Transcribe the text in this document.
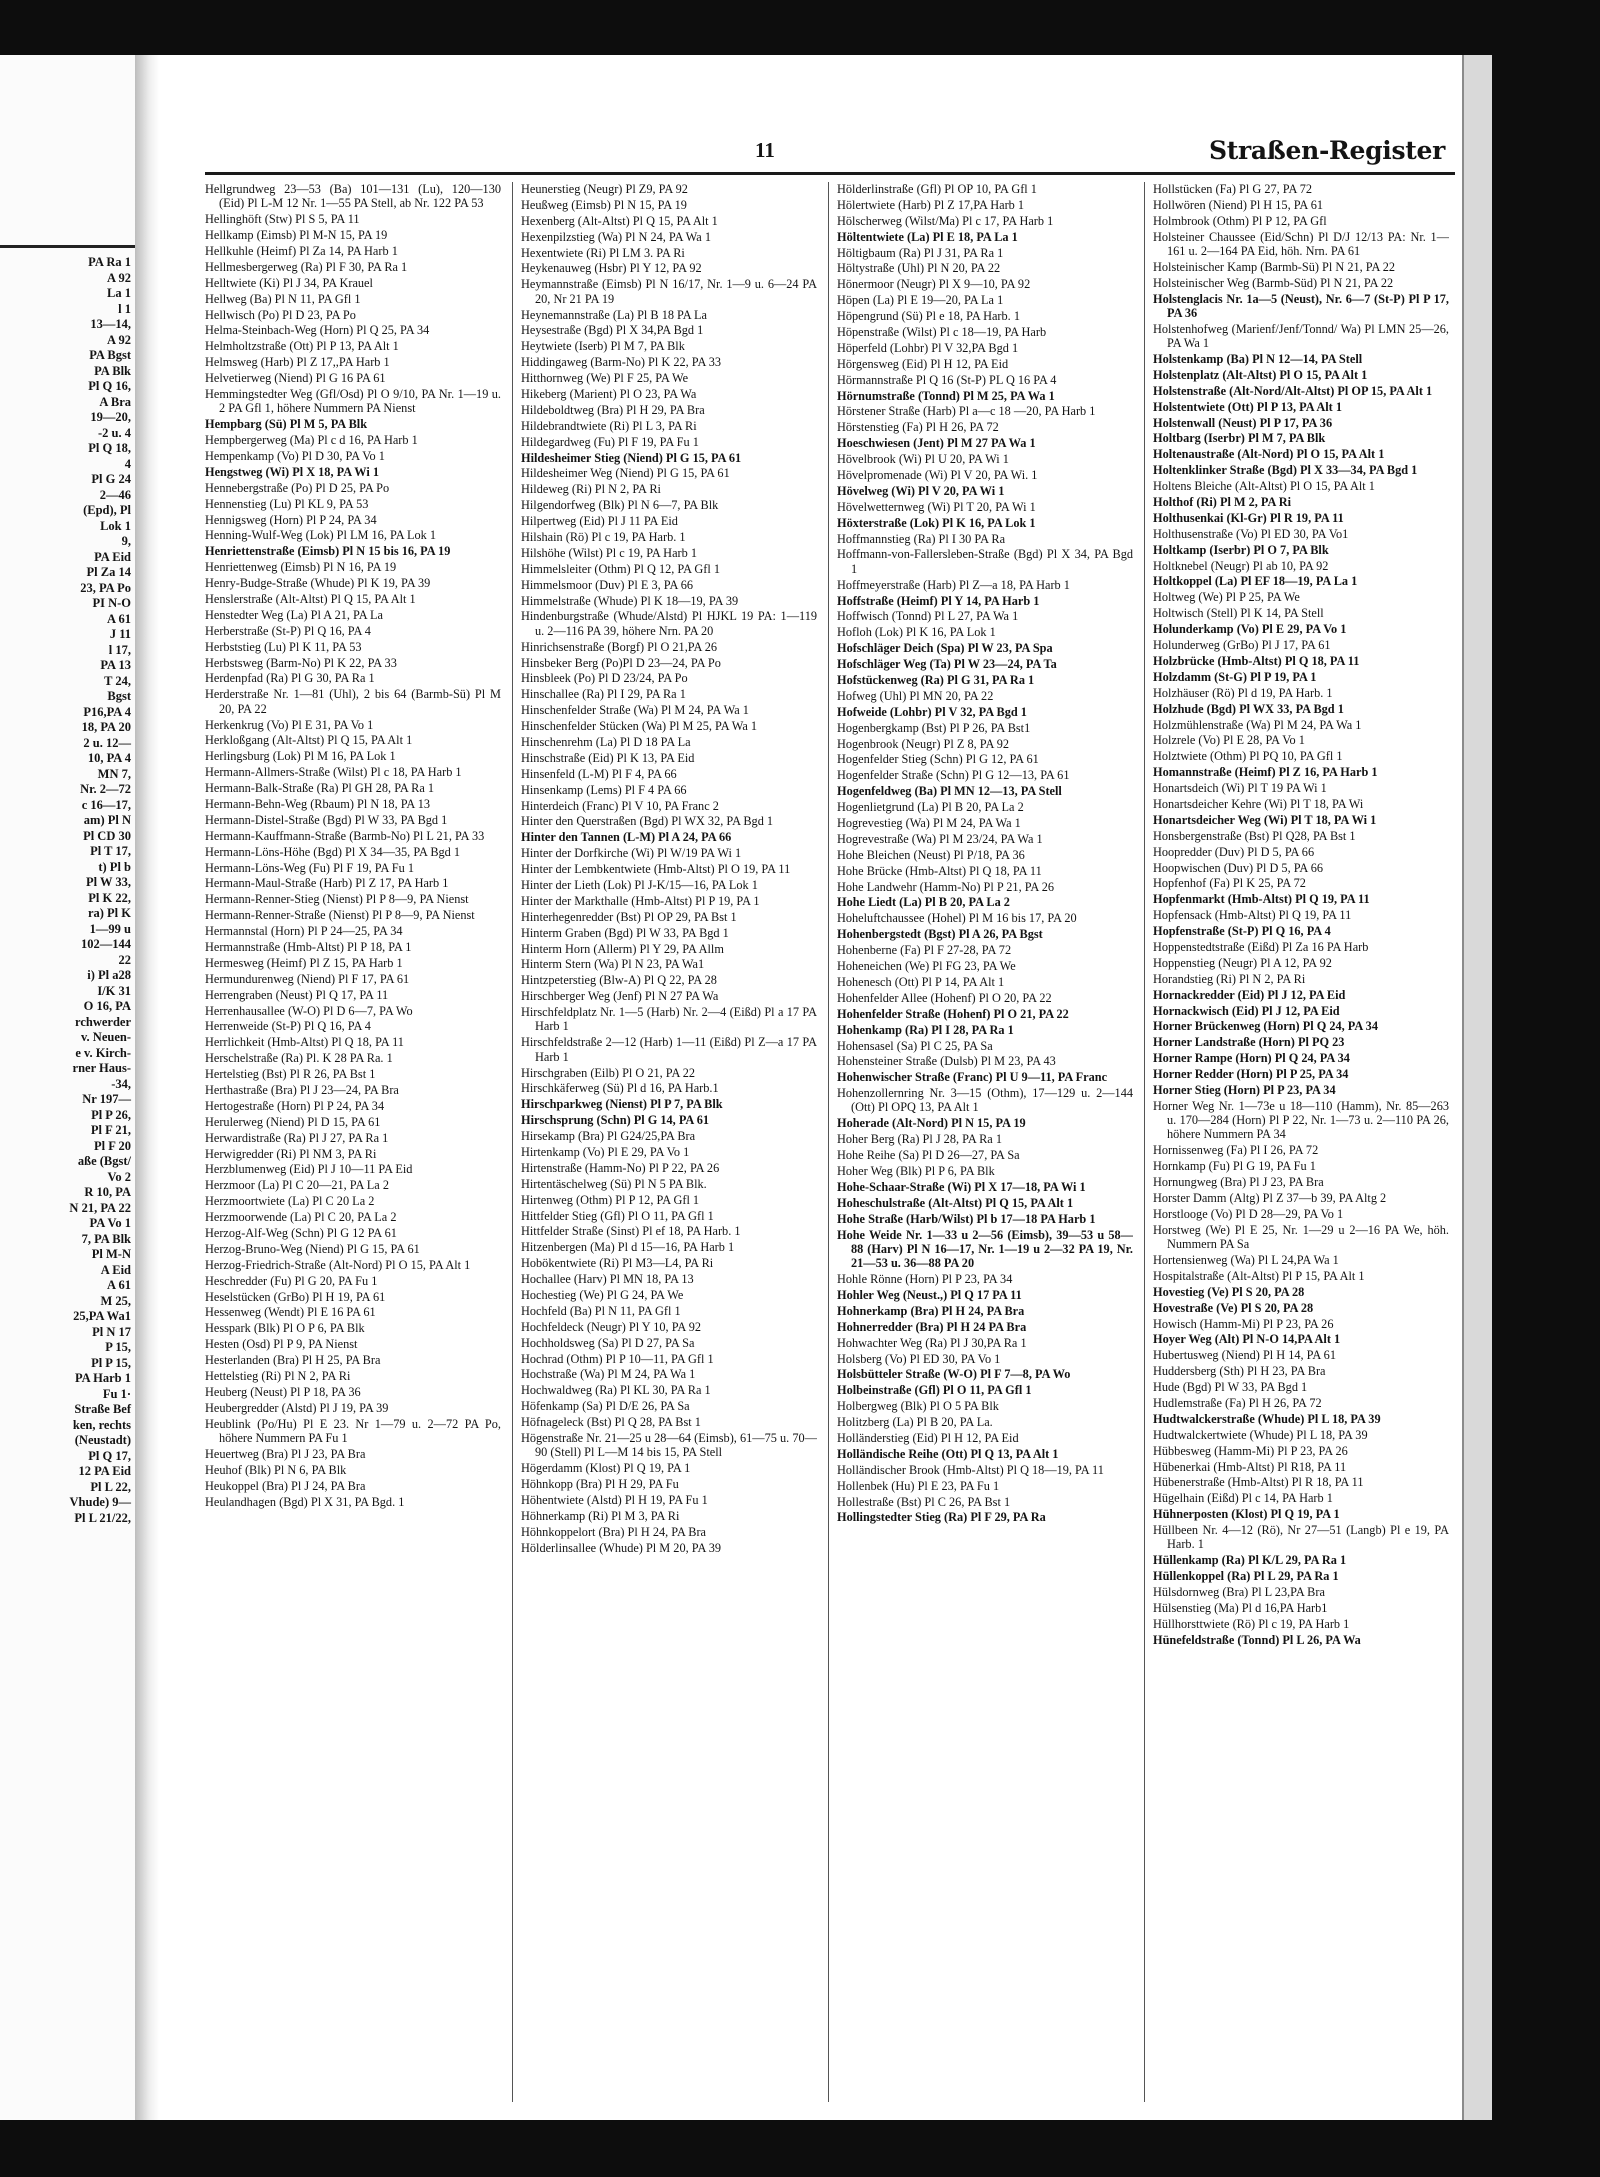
PA Ra 1
A 92
La 1
l 1
13—14,
A 92
PA Bgst
PA Blk
Pl Q 16,
A Bra
19—20,
-2 u. 4
Pl Q 18,
4
Pl G 24
2—46
(Epd), Pl
Lok 1
9,
PA Eid
Pl Za 14
23, PA Po
PI N-O
A 61
J 11
l 17,
PA 13
T 24,
Bgst
P16,PA 4
18, PA 20
2 u. 12—
10, PA 4
MN 7,
Nr. 2—72
c 16—17,
am) Pl N
Pl CD 30
Pl T 17,
t) Pl b
Pl W 33,
Pl K 22,
ra) Pl K
1—99 u
102—144
22
i) Pl a28
I/K 31
O 16, PA
rchwerder
v. Neuen-
e v. Kirch-
rner Haus-
-34,
Nr 197—
Pl P 26,
Pl F 21,
Pl F 20
aße (Bgst/
Vo 2
R 10, PA
N 21, PA 22
PA Vo 1
7, PA Blk
Pl M-N
A Eid
A 61
M 25,
25,PA Wa1
Pl N 17
P 15,
Pl P 15,
PA Harb 1
Fu 1·
Straße Bef
ken, rechts
(Neustadt)
Pl Q 17,
12 PA Eid
Pl L 22,
Vhude) 9—
Pl L 21/22,
11	Straßen-Register
Hellgrundweg 23—53 (Ba) 101—131 (Lu), 120—130 (Eid) Pl L-M 12 Nr. 1—55 PA Stell, ab Nr. 122 PA 53
Hellinghöft (Stw) Pl S 5, PA 11
Hellkamp (Eimsb) Pl M-N 15, PA 19
Hellkuhle (Heimf) Pl Za 14, PA Harb 1
Hellmesbergerweg (Ra) Pl F 30, PA Ra 1
Helltwiete (Ki) Pl J 34, PA Krauel
Hellweg (Ba) Pl N 11, PA Gfl 1
Hellwisch (Po) Pl D 23, PA Po
Helma-Steinbach-Weg (Horn) Pl Q 25, PA 34
Helmholtzstraße (Ott) Pl P 13, PA Alt 1
Helmsweg (Harb) Pl Z 17,,PA Harb 1
Helvetierweg (Niend) Pl G 16 PA 61
Hemmingstedter Weg (Gfl/Osd) Pl O 9/10, PA Nr. 1—19 u. 2 PA Gfl 1, höhere Nummern PA Nienst
Hempbarg (Sü) Pl M 5, PA Blk
Hempbergerweg (Ma) Pl c d 16, PA Harb 1
Hempenkamp (Vo) Pl D 30, PA Vo 1
Hengstweg (Wi) Pl X 18, PA Wi 1
Hennebergstraße (Po) Pl D 25, PA Po
Hennenstieg (Lu) Pl KL 9, PA 53
Hennigsweg (Horn) Pl P 24, PA 34
Henning-Wulf-Weg (Lok) Pl LM 16, PA Lok 1
Henriettenstraße (Eimsb) Pl N 15 bis 16, PA 19
Henriettenweg (Eimsb) Pl N 16, PA 19
Henry-Budge-Straße (Whude) Pl K 19, PA 39
Henslerstraße (Alt-Altst) Pl Q 15, PA Alt 1
Henstedter Weg (La) Pl A 21, PA La
Herberstraße (St-P) Pl Q 16, PA 4
Herbststieg (Lu) Pl K 11, PA 53
Herbstsweg (Barm-No) Pl K 22, PA 33
Herdenpfad (Ra) Pl G 30, PA Ra 1
Herderstraße Nr. 1—81 (Uhl), 2 bis 64 (Barmb-Sü) Pl M 20, PA 22
Herkenkrug (Vo) Pl E 31, PA Vo 1
Herkloßgang (Alt-Altst) Pl Q 15, PA Alt 1
Herlingsburg (Lok) Pl M 16, PA Lok 1
Hermann-Allmers-Straße (Wilst) Pl c 18, PA Harb 1
Hermann-Balk-Straße (Ra) Pl GH 28, PA Ra 1
Hermann-Behn-Weg (Rbaum) Pl N 18, PA 13
Hermann-Distel-Straße (Bgd) Pl W 33, PA Bgd 1
Hermann-Kauffmann-Straße (Barmb-No) Pl L 21, PA 33
Hermann-Löns-Höhe (Bgd) Pl X 34—35, PA Bgd 1
Hermann-Löns-Weg (Fu) Pl F 19, PA Fu 1
Hermann-Maul-Straße (Harb) Pl Z 17, PA Harb 1
Hermann-Renner-Stieg (Nienst) Pl P 8—9, PA Nienst
Hermann-Renner-Straße (Nienst) Pl P 8—9, PA Nienst
Hermannstal (Horn) Pl P 24—25, PA 34
Hermannstraße (Hmb-Altst) Pl P 18, PA 1
Hermesweg (Heimf) Pl Z 15, PA Harb 1
Hermundurenweg (Niend) Pl F 17, PA 61
Herrengraben (Neust) Pl Q 17, PA 11
Herrenhausallee (W-O) Pl D 6—7, PA Wo
Herrenweide (St-P) Pl Q 16, PA 4
Herrlichkeit (Hmb-Altst) Pl Q 18, PA 11
Herschelstraße (Ra) Pl. K 28 PA Ra. 1
Hertelstieg (Bst) Pl R 26, PA Bst 1
Herthastraße (Bra) Pl J 23—24, PA Bra
Hertogestraße (Horn) Pl P 24, PA 34
Herulerweg (Niend) Pl D 15, PA 61
Herwardistraße (Ra) Pl J 27, PA Ra 1
Herwigredder (Ri) Pl NM 3, PA Ri
Herzblumenweg (Eid) Pl J 10—11 PA Eid
Herzmoor (La) Pl C 20—21, PA La 2
Herzmoortwiete (La) Pl C 20 La 2
Herzmoorwende (La) Pl C 20, PA La 2
Herzog-Alf-Weg (Schn) Pl G 12 PA 61
Herzog-Bruno-Weg (Niend) Pl G 15, PA 61
Herzog-Friedrich-Straße (Alt-Nord) Pl O 15, PA Alt 1
Heschredder (Fu) Pl G 20, PA Fu 1
Heselstücken (GrBo) Pl H 19, PA 61
Hessenweg (Wendt) Pl E 16 PA 61
Hesspark (Blk) Pl O P 6, PA Blk
Hesten (Osd) Pl P 9, PA Nienst
Hesterlanden (Bra) Pl H 25, PA Bra
Hettelstieg (Ri) Pl N 2, PA Ri
Heuberg (Neust) Pl P 18, PA 36
Heubergredder (Alstd) Pl J 19, PA 39
Heublink (Po/Hu) Pl E 23. Nr 1—79 u. 2—72 PA Po, höhere Nummern PA Fu 1
Heuertweg (Bra) Pl J 23, PA Bra
Heuhof (Blk) Pl N 6, PA Blk
Heukoppel (Bra) Pl J 24, PA Bra
Heulandhagen (Bgd) Pl X 31, PA Bgd. 1
Heunerstieg (Neugr) Pl Z9, PA 92
Heußweg (Eimsb) Pl N 15, PA 19
Hexenberg (Alt-Altst) Pl Q 15, PA Alt 1
Hexenpilzstieg (Wa) Pl N 24, PA Wa 1
Hexentwiete (Ri) Pl LM 3. PA Ri
Heykenauweg (Hsbr) Pl Y 12, PA 92
Heymannstraße (Eimsb) Pl N 16/17, Nr. 1—9 u. 6—24 PA 20, Nr 21 PA 19
Heynemannstraße (La) Pl B 18 PA La
Heysestraße (Bgd) Pl X 34,PA Bgd 1
Heytwiete (Iserb) Pl M 7, PA Blk
Hiddingaweg (Barm-No) Pl K 22, PA 33
Hitthornweg (We) Pl F 25, PA We
Hikeberg (Marient) Pl O 23, PA Wa
Hildeboldtweg (Bra) Pl H 29, PA Bra
Hildebrandtwiete (Ri) Pl L 3, PA Ri
Hildegardweg (Fu) Pl F 19, PA Fu 1
Hildesheimer Stieg (Niend) Pl G 15, PA 61
Hildesheimer Weg (Niend) Pl G 15, PA 61
Hildeweg (Ri) Pl N 2, PA Ri
Hilgendorfweg (Blk) Pl N 6—7, PA Blk
Hilpertweg (Eid) Pl J 11 PA Eid
Hilshain (Rö) Pl c 19, PA Harb. 1
Hilshöhe (Wilst) Pl c 19, PA Harb 1
Himmelsleiter (Othm) Pl Q 12, PA Gfl 1
Himmelsmoor (Duv) Pl E 3, PA 66
Himmelstraße (Whude) Pl K 18—19, PA 39
Hindenburgstraße (Whude/Alstd) Pl HJKL 19 PA: 1—119 u. 2—116 PA 39, höhere Nrn. PA 20
Hinrichsenstraße (Borgf) Pl O 21,PA 26
Hinsbeker Berg (Po)Pl D 23—24, PA Po
Hinsbleek (Po) Pl D 23/24, PA Po
Hinschallee (Ra) Pl I 29, PA Ra 1
Hinschenfelder Straße (Wa) Pl M 24, PA Wa 1
Hinschenfelder Stücken (Wa) Pl M 25, PA Wa 1
Hinschenrehm (La) Pl D 18 PA La
Hinschstraße (Eid) Pl K 13, PA Eid
Hinsenfeld (L-M) Pl F 4, PA 66
Hinsenkamp (Lems) Pl F 4 PA 66
Hinterdeich (Franc) Pl V 10, PA Franc 2
Hinter den Querstraßen (Bgd) Pl WX 32, PA Bgd 1
Hinter den Tannen (L-M) Pl A 24, PA 66
Hinter der Dorfkirche (Wi) Pl W/19 PA Wi 1
Hinter der Lembkentwiete (Hmb-Altst) Pl O 19, PA 11
Hinter der Lieth (Lok) Pl J-K/15—16, PA Lok 1
Hinter der Markthalle (Hmb-Altst) Pl P 19, PA 1
Hinterhegenredder (Bst) Pl OP 29, PA Bst 1
Hinterm Graben (Bgd) Pl W 33, PA Bgd 1
Hinterm Horn (Allerm) Pl Y 29, PA Allm
Hinterm Stern (Wa) Pl N 23, PA Wa1
Hintzpeterstieg (Blw-A) Pl Q 22, PA 28
Hirschberger Weg (Jenf) Pl N 27 PA Wa
Hirschfeldplatz Nr. 1—5 (Harb) Nr. 2—4 (Eißd) Pl a 17 PA Harb 1
Hirschfeldstraße 2—12 (Harb) 1—11 (Eißd) Pl Z—a 17 PA Harb 1
Hirschgraben (Eilb) Pl O 21, PA 22
Hirschkäferweg (Sü) Pl d 16, PA Harb.1
Hirschparkweg (Nienst) Pl P 7, PA Blk
Hirschsprung (Schn) Pl G 14, PA 61
Hirsekamp (Bra) Pl G24/25,PA Bra
Hirtenkamp (Vo) Pl E 29, PA Vo 1
Hirtenstraße (Hamm-No) Pl P 22, PA 26
Hirtentäschelweg (Sü) Pl N 5 PA Blk.
Hirtenweg (Othm) Pl P 12, PA Gfl 1
Hittfelder Stieg (Gfl) Pl O 11, PA Gfl 1
Hittfelder Straße (Sinst) Pl ef 18, PA Harb. 1
Hitzenbergen (Ma) Pl d 15—16, PA Harb 1
Hobökentwiete (Ri) Pl M3—L4, PA Ri
Hochallee (Harv) Pl MN 18, PA 13
Hochestieg (We) Pl G 24, PA We
Hochfeld (Ba) Pl N 11, PA Gfl 1
Hochfeldeck (Neugr) Pl Y 10, PA 92
Hochholdsweg (Sa) Pl D 27, PA Sa
Hochrad (Othm) Pl P 10—11, PA Gfl 1
Hochstraße (Wa) Pl M 24, PA Wa 1
Hochwaldweg (Ra) Pl KL 30, PA Ra 1
Höfenkamp (Sa) Pl D/E 26, PA Sa
Höfnageleck (Bst) Pl Q 28, PA Bst 1
Högenstraße Nr. 21—25 u 28—64 (Eimsb), 61—75 u. 70—90 (Stell) Pl L—M 14 bis 15, PA Stell
Högerdamm (Klost) Pl Q 19, PA 1
Höhnkopp (Bra) Pl H 29, PA Fu
Höhentwiete (Alstd) Pl H 19, PA Fu 1
Höhnerkamp (Ri) Pl M 3, PA Ri
Höhnkoppelort (Bra) Pl H 24, PA Bra
Hölderlinsallee (Whude) Pl M 20, PA 39
Hölderlinstraße (Gfl) Pl OP 10, PA Gfl 1
Hölertwiete (Harb) Pl Z 17,PA Harb 1
Hölscherweg (Wilst/Ma) Pl c 17, PA Harb 1
Höltentwiete (La) Pl E 18, PA La 1
Höltigbaum (Ra) Pl J 31, PA Ra 1
Höltystraße (Uhl) Pl N 20, PA 22
Hönermoor (Neugr) Pl X 9—10, PA 92
Höpen (La) Pl E 19—20, PA La 1
Höpengrund (Sü) Pl e 18, PA Harb. 1
Höpenstraße (Wilst) Pl c 18—19, PA Harb
Höperfeld (Lohbr) Pl V 32,PA Bgd 1
Hörgensweg (Eid) Pl H 12, PA Eid
Hörmannstraße Pl Q 16 (St-P) PL Q 16 PA 4
Hörnumstraße (Tonnd) Pl M 25, PA Wa 1
Hörstener Straße (Harb) Pl a—c 18 —20, PA Harb 1
Hörstenstieg (Fa) Pl H 26, PA 72
Hoeschwiesen (Jent) Pl M 27 PA Wa 1
Hövelbrook (Wi) Pl U 20, PA Wi 1
Hövelpromenade (Wi) Pl V 20, PA Wi. 1
Hövelweg (Wi) Pl V 20, PA Wi 1
Hövelwetternweg (Wi) Pl T 20, PA Wi 1
Höxterstraße (Lok) Pl K 16, PA Lok 1
Hoffmannstieg (Ra) Pl I 30 PA Ra
Hoffmann-von-Fallersleben-Straße (Bgd) Pl X 34, PA Bgd 1
Hoffmeyerstraße (Harb) Pl Z—a 18, PA Harb 1
Hoffstraße (Heimf) Pl Y 14, PA Harb 1
Hoffwisch (Tonnd) Pl L 27, PA Wa 1
Hofloh (Lok) Pl K 16, PA Lok 1
Hofschläger Deich (Spa) Pl W 23, PA Spa
Hofschläger Weg (Ta) Pl W 23—24, PA Ta
Hofstückenweg (Ra) Pl G 31, PA Ra 1
Hofweg (Uhl) Pl MN 20, PA 22
Hofweide (Lohbr) Pl V 32, PA Bgd 1
Hogenbergkamp (Bst) Pl P 26, PA Bst1
Hogenbrook (Neugr) Pl Z 8, PA 92
Hogenfelder Stieg (Schn) Pl G 12, PA 61
Hogenfelder Straße (Schn) Pl G 12—13, PA 61
Hogenfeldweg (Ba) Pl MN 12—13, PA Stell
Hogenlietgrund (La) Pl B 20, PA La 2
Hogrevestieg (Wa) Pl M 24, PA Wa 1
Hogrevestraße (Wa) Pl M 23/24, PA Wa 1
Hohe Bleichen (Neust) Pl P/18, PA 36
Hohe Brücke (Hmb-Altst) Pl Q 18, PA 11
Hohe Landwehr (Hamm-No) Pl P 21, PA 26
Hohe Liedt (La) Pl B 20, PA La 2
Hoheluftchaussee (Hohel) Pl M 16 bis 17, PA 20
Hohenbergstedt (Bgst) Pl A 26, PA Bgst
Hohenberne (Fa) Pl F 27-28, PA 72
Hoheneichen (We) Pl FG 23, PA We
Hohenesch (Ott) Pl P 14, PA Alt 1
Hohenfelder Allee (Hohenf) Pl O 20, PA 22
Hohenfelder Straße (Hohenf) Pl O 21, PA 22
Hohenkamp (Ra) Pl I 28, PA Ra 1
Hohensasel (Sa) Pl C 25, PA Sa
Hohensteiner Straße (Dulsb) Pl M 23, PA 43
Hohenwischer Straße (Franc) Pl U 9—11, PA Franc
Hohenzollernring Nr. 3—15 (Othm), 17—129 u. 2—144 (Ott) Pl OPQ 13, PA Alt 1
Hoherade (Alt-Nord) Pl N 15, PA 19
Hoher Berg (Ra) Pl J 28, PA Ra 1
Hohe Reihe (Sa) Pl D 26—27, PA Sa
Hoher Weg (Blk) Pl P 6, PA Blk
Hohe-Schaar-Straße (Wi) Pl X 17—18, PA Wi 1
Hoheschulstraße (Alt-Altst) Pl Q 15, PA Alt 1
Hohe Straße (Harb/Wilst) Pl b 17—18 PA Harb 1
Hohe Weide Nr. 1—33 u 2—56 (Eimsb), 39—53 u 58—88 (Harv) Pl N 16—17, Nr. 1—19 u 2—32 PA 19, Nr. 21—53 u. 36—88 PA 20
Hohle Rönne (Horn) Pl P 23, PA 34
Hohler Weg (Neust.,) Pl Q 17 PA 11
Hohnerkamp (Bra) Pl H 24, PA Bra
Hohnerredder (Bra) Pl H 24 PA Bra
Hohwachter Weg (Ra) Pl J 30,PA Ra 1
Holsberg (Vo) Pl ED 30, PA Vo 1
Holsbütteler Straße (W-O) Pl F 7—8, PA Wo
Holbeinstraße (Gfl) Pl O 11, PA Gfl 1
Holbergweg (Blk) Pl O 5 PA Blk
Holitzberg (La) Pl B 20, PA La.
Holländerstieg (Eid) Pl H 12, PA Eid
Holländische Reihe (Ott) Pl Q 13, PA Alt 1
Holländischer Brook (Hmb-Altst) Pl Q 18—19, PA 11
Hollenbek (Hu) Pl E 23, PA Fu 1
Hollestraße (Bst) Pl C 26, PA Bst 1
Hollingstedter Stieg (Ra) Pl F 29, PA Ra
Hollstücken (Fa) Pl G 27, PA 72
Hollwören (Niend) Pl H 15, PA 61
Holmbrook (Othm) Pl P 12, PA Gfl
Holsteiner Chaussee (Eid/Schn) Pl D/J 12/13 PA: Nr. 1—161 u. 2—164 PA Eid, höh. Nrn. PA 61
Holsteinischer Kamp (Barmb-Sü) Pl N 21, PA 22
Holsteinischer Weg (Barmb-Süd) Pl N 21, PA 22
Holstenglacis Nr. 1a—5 (Neust), Nr. 6—7 (St-P) Pl P 17, PA 36
Holstenhofweg (Marienf/Jenf/Tonnd/ Wa) Pl LMN 25—26, PA Wa 1
Holstenkamp (Ba) Pl N 12—14, PA Stell
Holstenplatz (Alt-Altst) Pl O 15, PA Alt 1
Holstenstraße (Alt-Nord/Alt-Altst) Pl OP 15, PA Alt 1
Holstentwiete (Ott) Pl P 13, PA Alt 1
Holstenwall (Neust) Pl P 17, PA 36
Holtbarg (Iserbr) Pl M 7, PA Blk
Holtenaustraße (Alt-Nord) Pl O 15, PA Alt 1
Holtenklinker Straße (Bgd) Pl X 33—34, PA Bgd 1
Holtens Bleiche (Alt-Altst) Pl O 15, PA Alt 1
Holthof (Ri) Pl M 2, PA Ri
Holthusenkai (Kl-Gr) Pl R 19, PA 11
Holthusenstraße (Vo) Pl ED 30, PA Vo1
Holtkamp (Iserbr) Pl O 7, PA Blk
Holtknebel (Neugr) Pl ab 10, PA 92
Holtkoppel (La) Pl EF 18—19, PA La 1
Holtweg (We) Pl P 25, PA We
Holtwisch (Stell) Pl K 14, PA Stell
Holunderkamp (Vo) Pl E 29, PA Vo 1
Holunderweg (GrBo) Pl J 17, PA 61
Holzbrücke (Hmb-Altst) Pl Q 18, PA 11
Holzdamm (St-G) Pl P 19, PA 1
Holzhäuser (Rö) Pl d 19, PA Harb. 1
Holzhude (Bgd) Pl WX 33, PA Bgd 1
Holzmühlenstraße (Wa) Pl M 24, PA Wa 1
Holzrele (Vo) Pl E 28, PA Vo 1
Holztwiete (Othm) Pl PQ 10, PA Gfl 1
Homannstraße (Heimf) Pl Z 16, PA Harb 1
Honartsdeich (Wi) Pl T 19 PA Wi 1
Honartsdeicher Kehre (Wi) Pl T 18, PA Wi
Honartsdeicher Weg (Wi) Pl T 18, PA Wi 1
Honsbergenstraße (Bst) Pl Q28, PA Bst 1
Hoopredder (Duv) Pl D 5, PA 66
Hoopwischen (Duv) Pl D 5, PA 66
Hopfenhof (Fa) Pl K 25, PA 72
Hopfenmarkt (Hmb-Altst) Pl Q 19, PA 11
Hopfensack (Hmb-Altst) Pl Q 19, PA 11
Hopfenstraße (St-P) Pl Q 16, PA 4
Hoppenstedtstraße (Eißd) Pl Za 16 PA Harb
Hoppenstieg (Neugr) Pl A 12, PA 92
Horandstieg (Ri) Pl N 2, PA Ri
Hornackredder (Eid) Pl J 12, PA Eid
Hornackwisch (Eid) Pl J 12, PA Eid
Horner Brückenweg (Horn) Pl Q 24, PA 34
Horner Landstraße (Horn) Pl PQ 23
Horner Rampe (Horn) Pl Q 24, PA 34
Horner Redder (Horn) Pl P 25, PA 34
Horner Stieg (Horn) Pl P 23, PA 34
Horner Weg Nr. 1—73e u 18—110 (Hamm), Nr. 85—263 u. 170—284 (Horn) Pl P 22, Nr. 1—73 u. 2—110 PA 26, höhere Nummern PA 34
Hornissenweg (Fa) Pl I 26, PA 72
Hornkamp (Fu) Pl G 19, PA Fu 1
Hornungweg (Bra) Pl J 23, PA Bra
Horster Damm (Altg) Pl Z 37—b 39, PA Altg 2
Horstlooge (Vo) Pl D 28—29, PA Vo 1
Horstweg (We) Pl E 25, Nr. 1—29 u 2—16 PA We, höh. Nummern PA Sa
Hortensienweg (Wa) Pl L 24,PA Wa 1
Hospitalstraße (Alt-Altst) Pl P 15, PA Alt 1
Hovestieg (Ve) Pl S 20, PA 28
Hovestraße (Ve) Pl S 20, PA 28
Howisch (Hamm-Mi) Pl P 23, PA 26
Hoyer Weg (Alt) Pl N-O 14,PA Alt 1
Hubertusweg (Niend) Pl H 14, PA 61
Huddersberg (Sth) Pl H 23, PA Bra
Hude (Bgd) Pl W 33, PA Bgd 1
Hudlemstraße (Fa) Pl H 26, PA 72
Hudtwalckerstraße (Whude) Pl L 18, PA 39
Hudtwalckertwiete (Whude) Pl L 18, PA 39
Hübbesweg (Hamm-Mi) Pl P 23, PA 26
Hübenerkai (Hmb-Altst) Pl R18, PA 11
Hübenerstraße (Hmb-Altst) Pl R 18, PA 11
Hügelhain (Eißd) Pl c 14, PA Harb 1
Hühnerposten (Klost) Pl Q 19, PA 1
Hüllbeen Nr. 4—12 (Rö), Nr 27—51 (Langb) Pl e 19, PA Harb. 1
Hüllenkamp (Ra) Pl K/L 29, PA Ra 1
Hüllenkoppel (Ra) Pl L 29, PA Ra 1
Hülsdornweg (Bra) Pl L 23,PA Bra
Hülsenstieg (Ma) Pl d 16,PA Harb1
Hüllhorsttwiete (Rö) Pl c 19, PA Harb 1
Hünefeldstraße (Tonnd) Pl L 26, PA Wa
